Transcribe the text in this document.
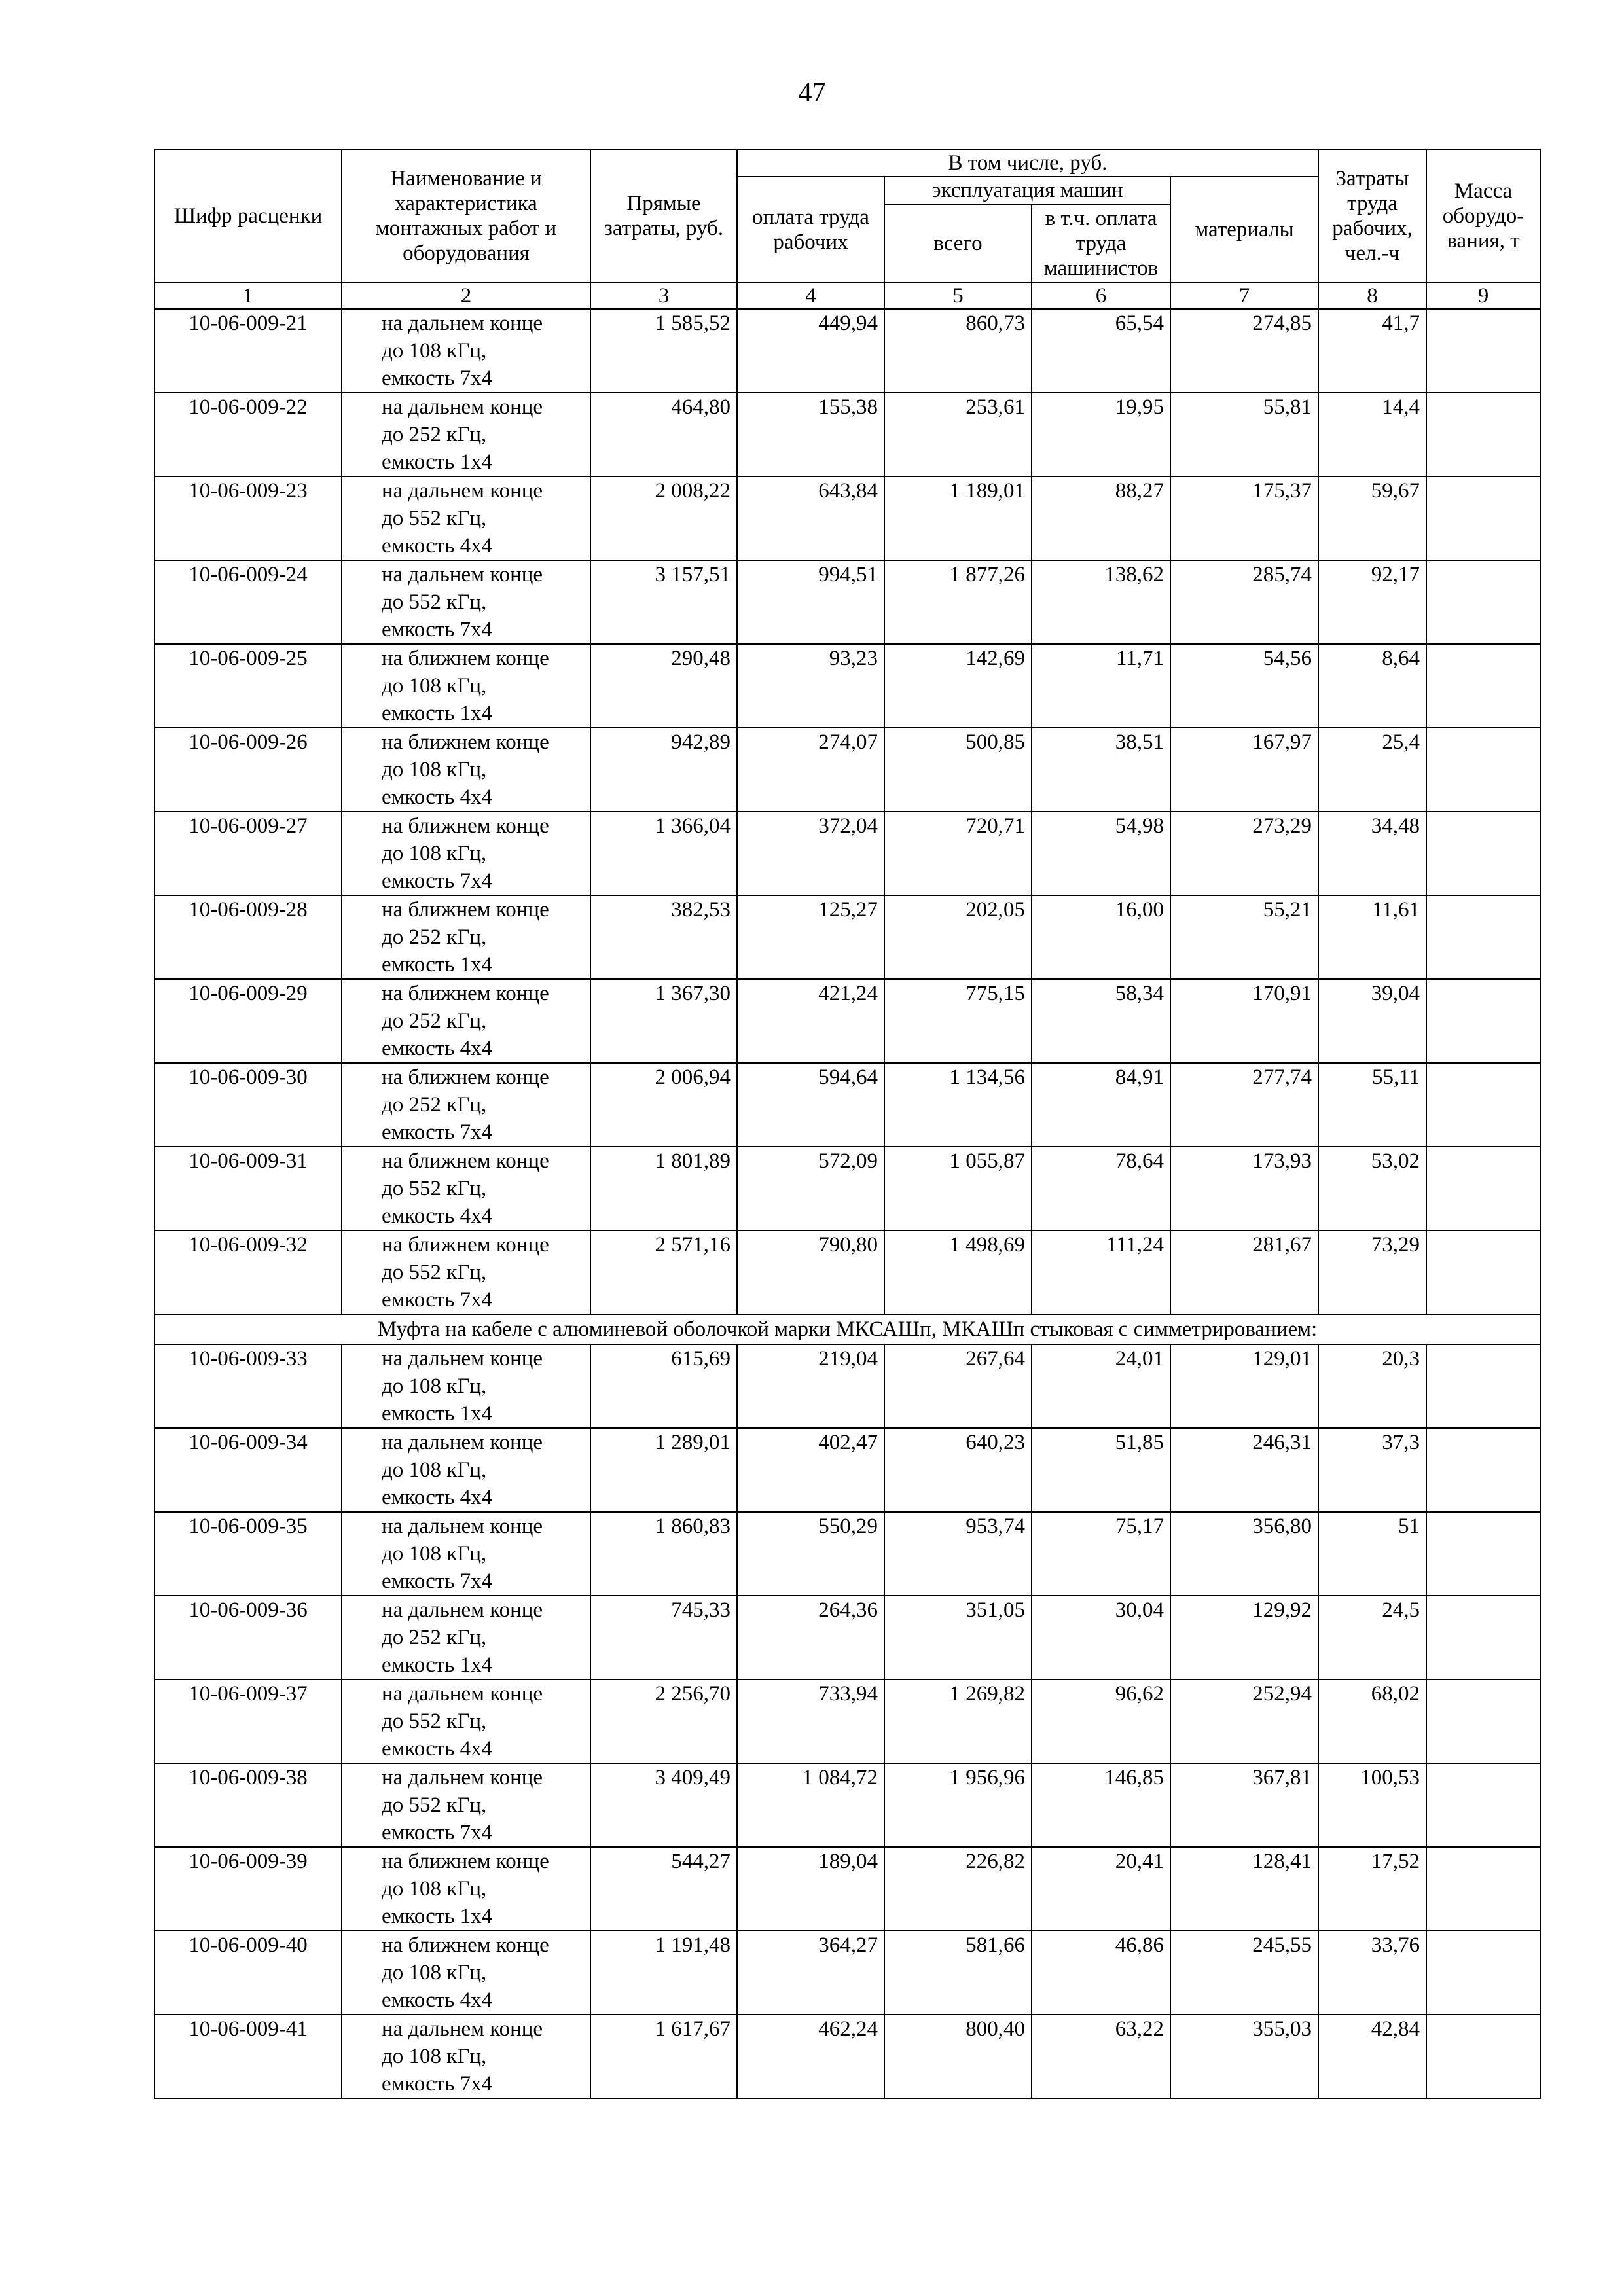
47
Шифр расценки	Наименование и характеристика монтажных работ и оборудования	Прямые затраты, руб.	В том числе, руб.				Затраты труда рабочих, чел.-ч	Масса оборудо-вания, т
			оплата труда рабочих	эксплуатация машин		материалы		
				всего	в т.ч. оплата труда машинистов			
1	2	3	4	5	6	7	8	9
10-06-009-21	на дальнем конце
до 108 кГц,
емкость 7х4	1 585,52	449,94	860,73	65,54	274,85	41,7	
10-06-009-22	на дальнем конце
до 252 кГц,
емкость 1х4	464,80	155,38	253,61	19,95	55,81	14,4	
10-06-009-23	на дальнем конце
до 552 кГц,
емкость 4х4	2 008,22	643,84	1 189,01	88,27	175,37	59,67	
10-06-009-24	на дальнем конце
до 552 кГц,
емкость 7х4	3 157,51	994,51	1 877,26	138,62	285,74	92,17	
10-06-009-25	на ближнем конце
до 108 кГц,
емкость 1х4	290,48	93,23	142,69	11,71	54,56	8,64	
10-06-009-26	на ближнем конце
до 108 кГц,
емкость 4х4	942,89	274,07	500,85	38,51	167,97	25,4	
10-06-009-27	на ближнем конце
до 108 кГц,
емкость 7х4	1 366,04	372,04	720,71	54,98	273,29	34,48	
10-06-009-28	на ближнем конце
до 252 кГц,
емкость 1х4	382,53	125,27	202,05	16,00	55,21	11,61	
10-06-009-29	на ближнем конце
до 252 кГц,
емкость 4х4	1 367,30	421,24	775,15	58,34	170,91	39,04	
10-06-009-30	на ближнем конце
до 252 кГц,
емкость 7х4	2 006,94	594,64	1 134,56	84,91	277,74	55,11	
10-06-009-31	на ближнем конце
до 552 кГц,
емкость 4х4	1 801,89	572,09	1 055,87	78,64	173,93	53,02	
10-06-009-32	на ближнем конце
до 552 кГц,
емкость 7х4	2 571,16	790,80	1 498,69	111,24	281,67	73,29	
Муфта на кабеле с алюминевой оболочкой марки МКСАШп, МКАШп стыковая с симметрированием:								
10-06-009-33	на дальнем конце
до 108 кГц,
емкость 1х4	615,69	219,04	267,64	24,01	129,01	20,3	
10-06-009-34	на дальнем конце
до 108 кГц,
емкость 4х4	1 289,01	402,47	640,23	51,85	246,31	37,3	
10-06-009-35	на дальнем конце
до 108 кГц,
емкость 7х4	1 860,83	550,29	953,74	75,17	356,80	51	
10-06-009-36	на дальнем конце
до 252 кГц,
емкость 1х4	745,33	264,36	351,05	30,04	129,92	24,5	
10-06-009-37	на дальнем конце
до 552 кГц,
емкость 4х4	2 256,70	733,94	1 269,82	96,62	252,94	68,02	
10-06-009-38	на дальнем конце
до 552 кГц,
емкость 7х4	3 409,49	1 084,72	1 956,96	146,85	367,81	100,53	
10-06-009-39	на ближнем конце
до 108 кГц,
емкость 1х4	544,27	189,04	226,82	20,41	128,41	17,52	
10-06-009-40	на ближнем конце
до 108 кГц,
емкость 4х4	1 191,48	364,27	581,66	46,86	245,55	33,76	
10-06-009-41	на дальнем конце
до 108 кГц,
емкость 7х4	1 617,67	462,24	800,40	63,22	355,03	42,84	
